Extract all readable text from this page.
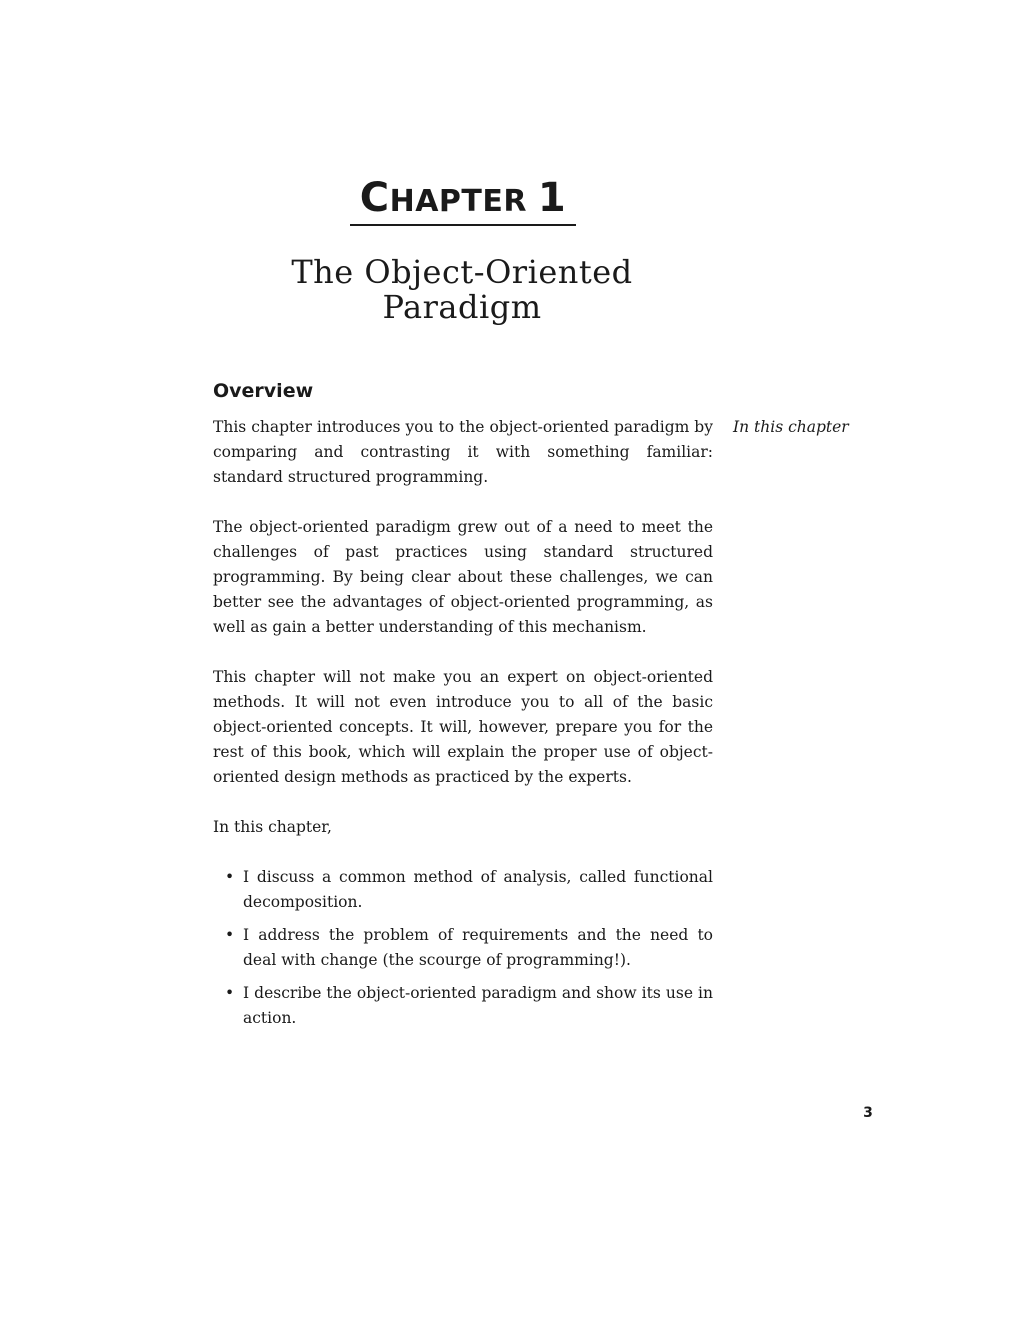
CHAPTER 1
The Object-Oriented
Paradigm
Overview
In this chapter

This chapter introduces you to the object-oriented paradigm by comparing and contrasting it with something familiar: standard structured programming.

The object-oriented paradigm grew out of a need to meet the challenges of past practices using standard structured programming. By being clear about these challenges, we can better see the advantages of object-oriented programming, as well as gain a better understanding of this mechanism.

This chapter will not make you an expert on object-oriented methods. It will not even introduce you to all of the basic object-oriented concepts. It will, however, prepare you for the rest of this book, which will explain the proper use of object-oriented design methods as practiced by the experts.

In this chapter,

• I discuss a common method of analysis, called functional decomposition.
• I address the problem of requirements and the need to deal with change (the scourge of programming!).
• I describe the object-oriented paradigm and show its use in action.
3
